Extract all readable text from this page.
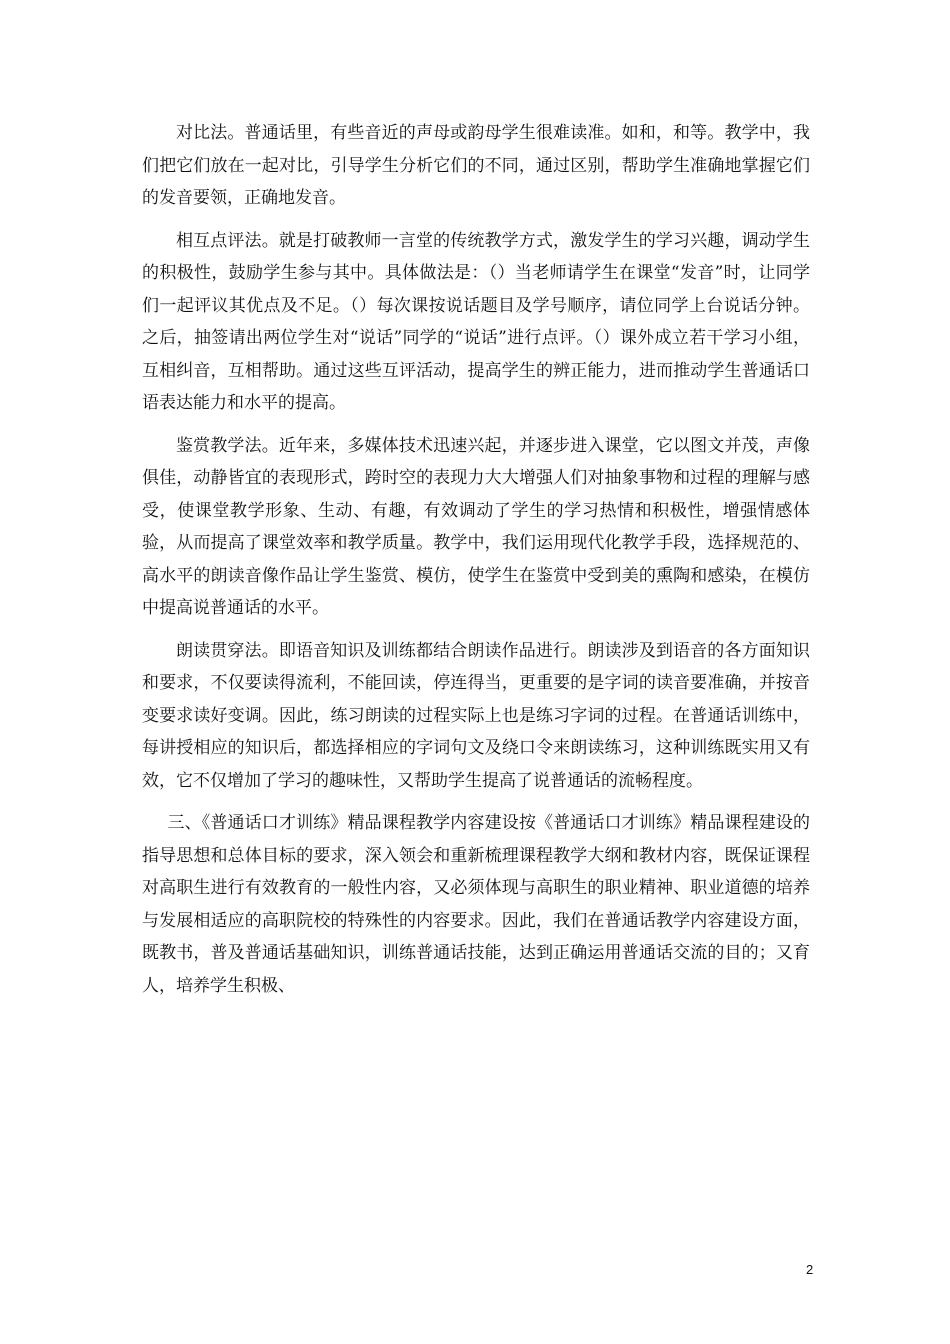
对比法。普通话里，有些音近的声母或韵母学生很难读准。如和，和等。教学中，我们把它们放在一起对比，引导学生分析它们的不同，通过区别，帮助学生准确地掌握它们的发音要领，正确地发音。

相互点评法。就是打破教师一言堂的传统教学方式，激发学生的学习兴趣，调动学生的积极性，鼓励学生参与其中。具体做法是：（）当老师请学生在课堂“发音”时，让同学们一起评议其优点及不足。（）每次课按说话题目及学号顺序，请位同学上台说话分钟。之后，抽签请出两位学生对“说话”同学的“说话”进行点评。（）课外成立若干学习小组，互相纠音，互相帮助。通过这些互评活动，提高学生的辨正能力，进而推动学生普通话口语表达能力和水平的提高。

鉴赏教学法。近年来，多媒体技术迅速兴起，并逐步进入课堂，它以图文并茂，声像俱佳，动静皆宜的表现形式，跨时空的表现力大大增强人们对抽象事物和过程的理解与感受，使课堂教学形象、生动、有趣，有效调动了学生的学习热情和积极性，增强情感体验，从而提高了课堂效率和教学质量。教学中，我们运用现代化教学手段，选择规范的、高水平的朗读音像作品让学生鉴赏、模仿，使学生在鉴赏中受到美的熏陶和感染，在模仿中提高说普通话的水平。

朗读贯穿法。即语音知识及训练都结合朗读作品进行。朗读涉及到语音的各方面知识和要求，不仅要读得流利，不能回读，停连得当，更重要的是字词的读音要准确，并按音变要求读好变调。因此，练习朗读的过程实际上也是练习字词的过程。在普通话训练中，每讲授相应的知识后，都选择相应的字词句文及绕口令来朗读练习，这种训练既实用又有效，它不仅增加了学习的趣味性，又帮助学生提高了说普通话的流畅程度。

三、《普通话口才训练》精品课程教学内容建设按《普通话口才训练》精品课程建设的指导思想和总体目标的要求，深入领会和重新梳理课程教学大纲和教材内容，既保证课程对高职生进行有效教育的一般性内容，又必须体现与高职生的职业精神、职业道德的培养与发展相适应的高职院校的特殊性的内容要求。因此，我们在普通话教学内容建设方面，既教书，普及普通话基础知识，训练普通话技能，达到正确运用普通话交流的目的；又育人，培养学生积极、

2
